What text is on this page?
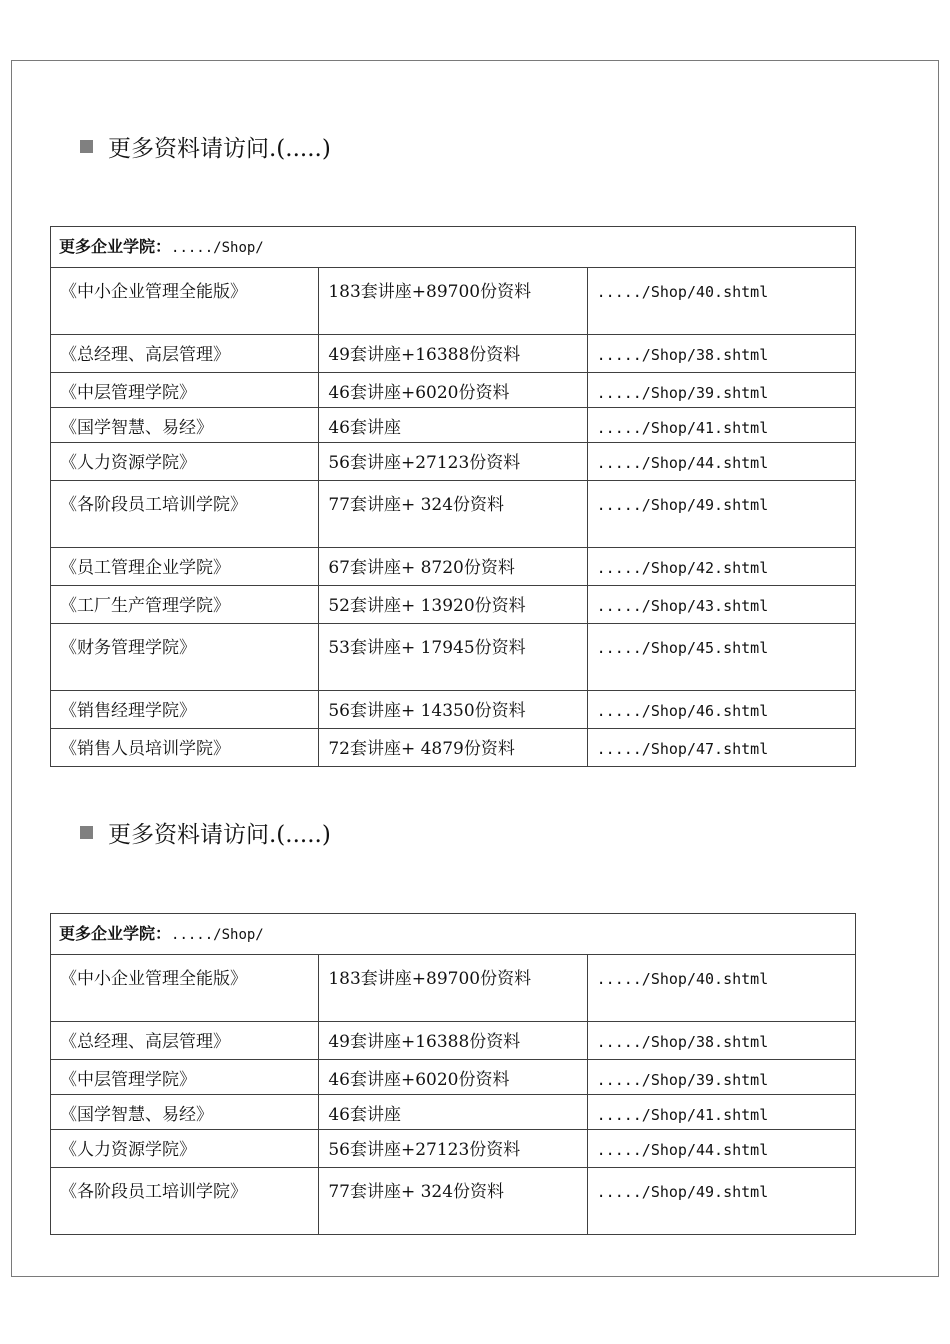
更多资料请访问.(.....)
更多企业学院：...../Shop/		
《中小企业管理全能版》	183套讲座+89700份资料	...../Shop/40.shtml
《总经理、高层管理》	49套讲座+16388份资料	...../Shop/38.shtml
《中层管理学院》	46套讲座+6020份资料	...../Shop/39.shtml
《国学智慧、易经》	46套讲座	...../Shop/41.shtml
《人力资源学院》	56套讲座+27123份资料	...../Shop/44.shtml
《各阶段员工培训学院》	77套讲座+ 324份资料	...../Shop/49.shtml
《员工管理企业学院》	67套讲座+ 8720份资料	...../Shop/42.shtml
《工厂生产管理学院》	52套讲座+ 13920份资料	...../Shop/43.shtml
《财务管理学院》	53套讲座+ 17945份资料	...../Shop/45.shtml
《销售经理学院》	56套讲座+ 14350份资料	...../Shop/46.shtml
《销售人员培训学院》	72套讲座+ 4879份资料	...../Shop/47.shtml
更多资料请访问.(.....)
更多企业学院：...../Shop/		
《中小企业管理全能版》	183套讲座+89700份资料	...../Shop/40.shtml
《总经理、高层管理》	49套讲座+16388份资料	...../Shop/38.shtml
《中层管理学院》	46套讲座+6020份资料	...../Shop/39.shtml
《国学智慧、易经》	46套讲座	...../Shop/41.shtml
《人力资源学院》	56套讲座+27123份资料	...../Shop/44.shtml
《各阶段员工培训学院》	77套讲座+ 324份资料	...../Shop/49.shtml
